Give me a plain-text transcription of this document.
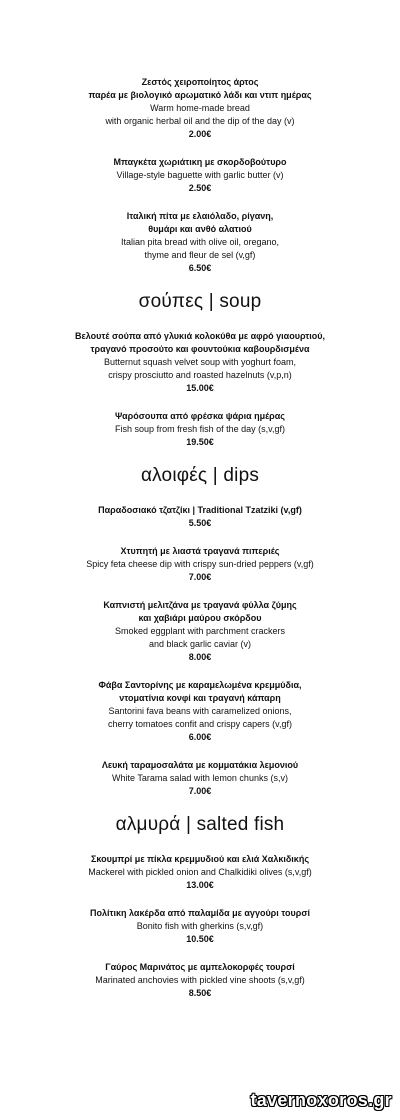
Ζεστός χειροποίητος άρτος
παρέα με βιολογικό αρωματικό λάδι και ντιπ ημέρας
Warm home-made bread
with organic herbal oil and the dip of the day (v)
2.00€
Μπαγκέτα χωριάτικη με σκορδοβούτυρο
Village-style baguette with garlic butter (v)
2.50€
Ιταλική πίτα με ελαιόλαδο, ρίγανη,
θυμάρι και ανθό αλατιού
Italian pita bread with olive oil, oregano,
thyme and fleur de sel (v,gf)
6.50€
σούπες | soup
Βελουτέ σούπα από γλυκιά κολοκύθα με αφρό γιαουρτιού,
τραγανό προσούτο και φουντούκια καβουρδισμένα
Butternut squash velvet soup with yoghurt foam,
crispy prosciutto and roasted hazelnuts (v,p,n)
15.00€
Ψαρόσουπα από φρέσκα ψάρια ημέρας
Fish soup from fresh fish of the day (s,v,gf)
19.50€
αλοιφές | dips
Παραδοσιακό τζατζίκι | Traditional Tzatziki (v,gf)
5.50€
Χτυπητή με λιαστά τραγανά πιπεριές
Spicy feta cheese dip with crispy sun-dried peppers (v,gf)
7.00€
Καπνιστή μελιτζάνα με τραγανά φύλλα ζύμης
και χαβιάρι μαύρου σκόρδου
Smoked eggplant with parchment crackers
and black garlic caviar (v)
8.00€
Φάβα Σαντορίνης με καραμελωμένα κρεμμύδια,
ντοματίνια κονφί και τραγανή κάπαρη
Santorini fava beans with caramelized onions,
cherry tomatoes confit and crispy capers (v,gf)
6.00€
Λευκή ταραμοσαλάτα με κομματάκια λεμονιού
White Tarama salad with lemon chunks (s,v)
7.00€
αλμυρά | salted fish
Σκουμπρί με πίκλα κρεμμυδιού και ελιά Χαλκιδικής
Mackerel with pickled onion and Chalkidiki olives (s,v,gf)
13.00€
Πολίτικη λακέρδα από παλαμίδα με αγγούρι τουρσί
Bonito fish with gherkins (s,v,gf)
10.50€
Γαύρος Μαρινάτος με αμπελοκορφές τουρσί
Marinated anchovies with pickled vine shoots (s,v,gf)
8.50€
tavernoxoros.gr
